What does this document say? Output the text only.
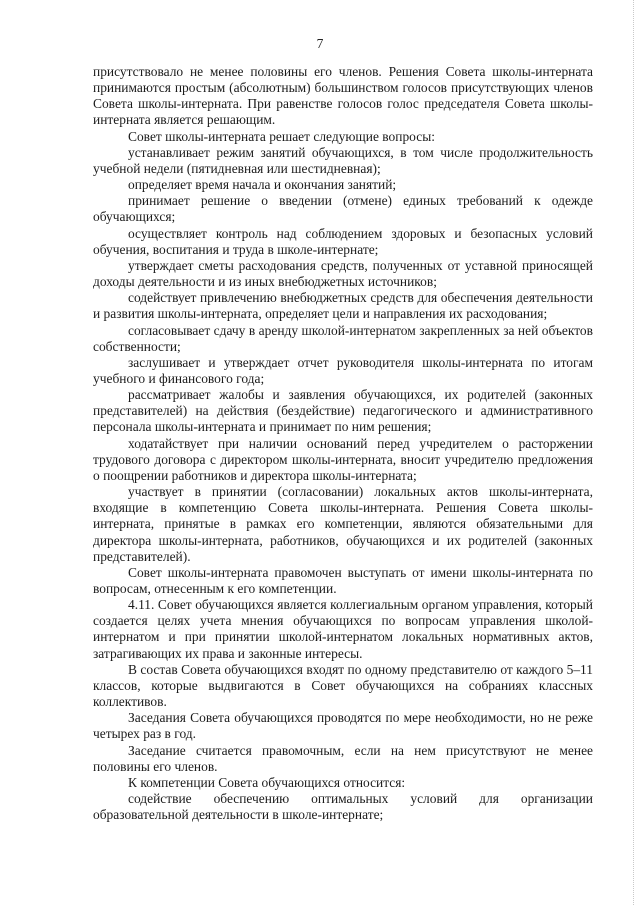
7

присутствовало не менее половины его членов. Решения Совета школы-интерната принимаются простым (абсолютным) большинством голосов присутствующих членов Совета школы-интерната. При равенстве голосов голос председателя Совета школы-интерната является решающим.

Совет школы-интерната решает следующие вопросы:

устанавливает режим занятий обучающихся, в том числе продолжительность учебной недели (пятидневная или шестидневная);

определяет время начала и окончания занятий;

принимает решение о введении (отмене) единых требований к одежде обучающихся;

осуществляет контроль над соблюдением здоровых и безопасных условий обучения, воспитания и труда в школе-интернате;

утверждает сметы расходования средств, полученных от уставной приносящей доходы деятельности и из иных внебюджетных источников;

содействует привлечению внебюджетных средств для обеспечения деятельности и развития школы-интерната, определяет цели и направления их расходования;

согласовывает сдачу в аренду школой-интернатом закрепленных за ней объектов собственности;

заслушивает и утверждает отчет руководителя школы-интерната по итогам учебного и финансового года;

рассматривает жалобы и заявления обучающихся, их родителей (законных представителей) на действия (бездействие) педагогического и административного персонала школы-интерната и принимает по ним решения;

ходатайствует при наличии оснований перед учредителем о расторжении трудового договора с директором школы-интерната, вносит учредителю предложения о поощрении работников и директора школы-интерната;

участвует в принятии (согласовании) локальных актов школы-интерната, входящие в компетенцию Совета школы-интерната. Решения Совета школы-интерната, принятые в рамках его компетенции, являются обязательными для директора школы-интерната, работников, обучающихся и их родителей (законных представителей).

Совет школы-интерната правомочен выступать от имени школы-интерната по вопросам, отнесенным к его компетенции.

4.11. Совет обучающихся является коллегиальным органом управления, который создается целях учета мнения обучающихся по вопросам управления школой-интернатом и при принятии школой-интернатом локальных нормативных актов, затрагивающих их права и законные интересы.

В состав Совета обучающихся входят по одному представителю от каждого 5–11 классов, которые выдвигаются в Совет обучающихся на собраниях классных коллективов.

Заседания Совета обучающихся проводятся по мере необходимости, но не реже четырех раз в год.

Заседание считается правомочным, если на нем присутствуют не менее половины его членов.

К компетенции Совета обучающихся относится:

содействие обеспечению оптимальных условий для организации образовательной деятельности в школе-интернате;
